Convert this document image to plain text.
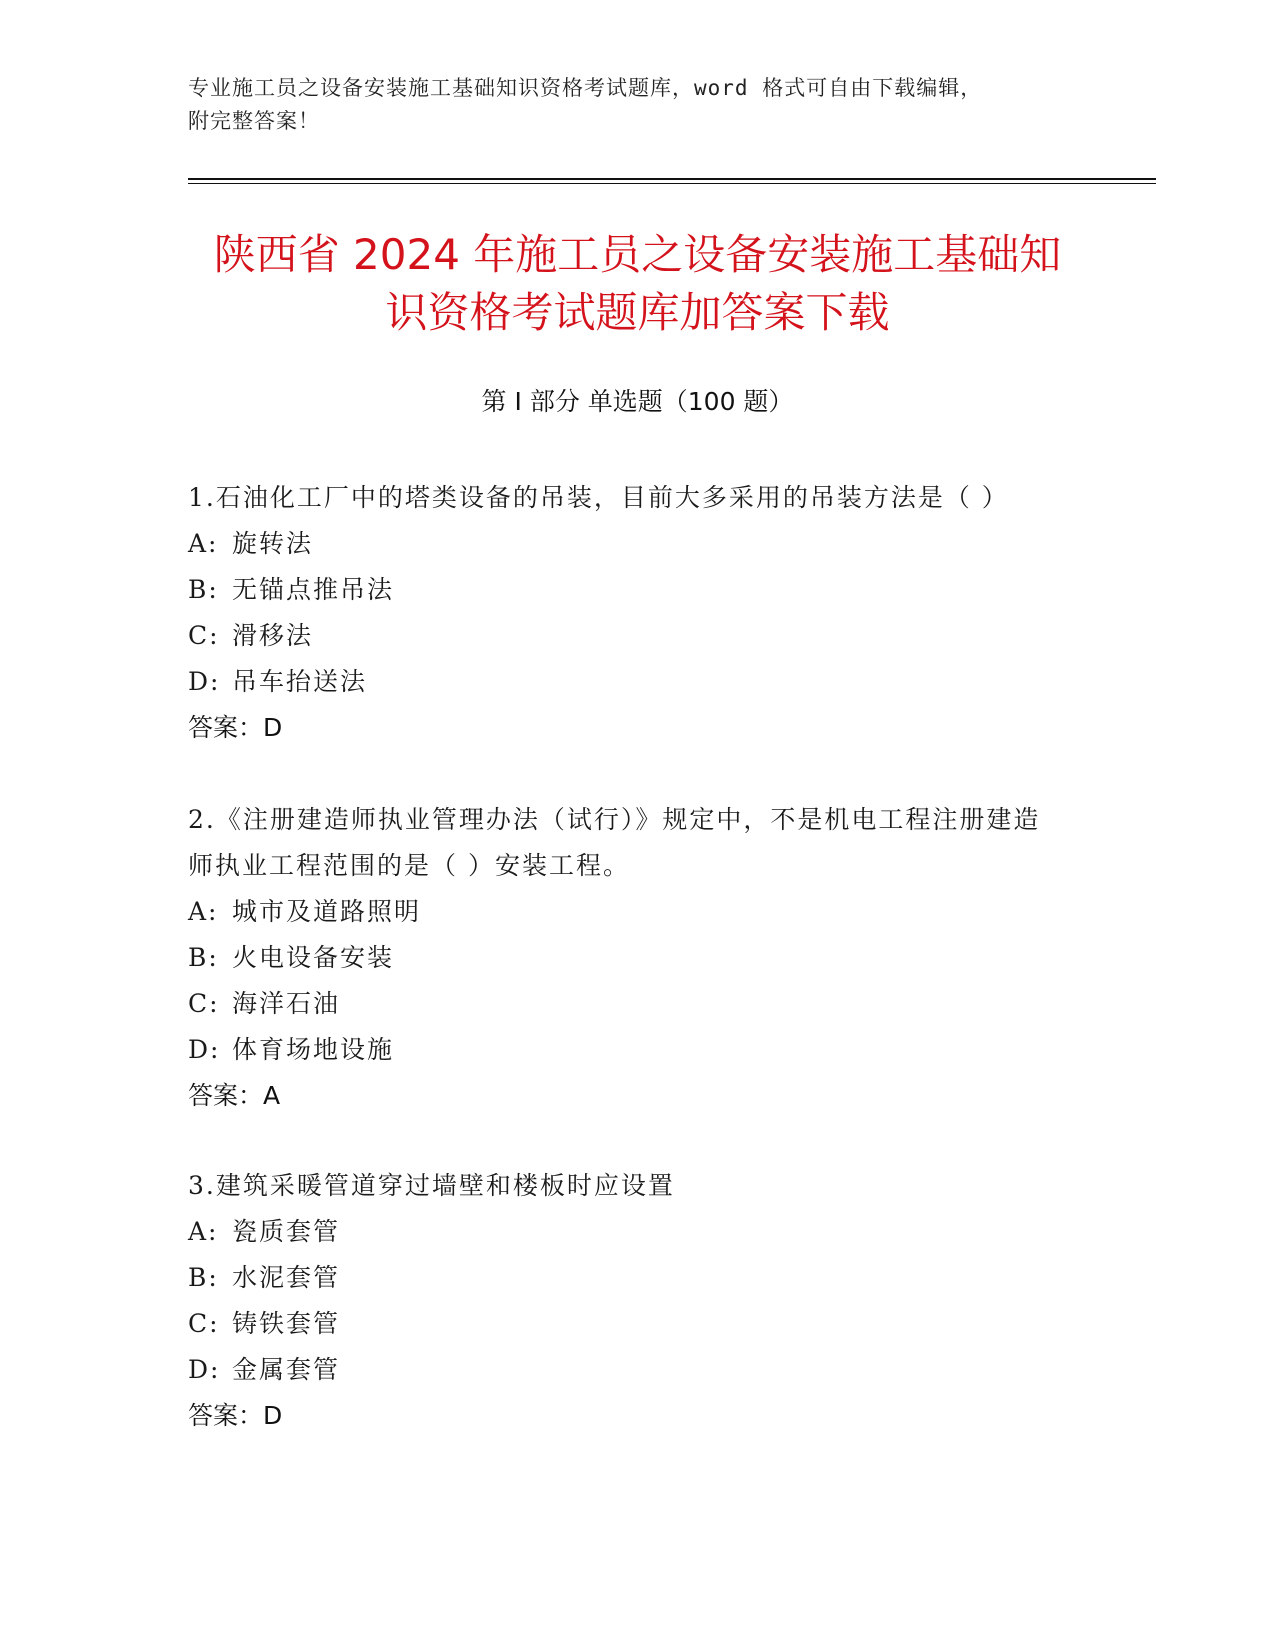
专业施工员之设备安装施工基础知识资格考试题库，word 格式可自由下载编辑，
附完整答案！
陕西省 2024 年施工员之设备安装施工基础知
识资格考试题库加答案下载
第 I 部分 单选题（100 题）

1.石油化工厂中的塔类设备的吊装，目前大多采用的吊装方法是（ ）

A: 旋转法

B: 无锚点推吊法

C: 滑移法

D: 吊车抬送法

答案：D

2.《注册建造师执业管理办法（试行）》规定中，不是机电工程注册建造师执业工程范围的是（ ）安装工程。

A: 城市及道路照明

B: 火电设备安装

C: 海洋石油

D: 体育场地设施

答案：A

3.建筑采暖管道穿过墙壁和楼板时应设置

A: 瓷质套管

B: 水泥套管

C: 铸铁套管

D: 金属套管

答案：D
